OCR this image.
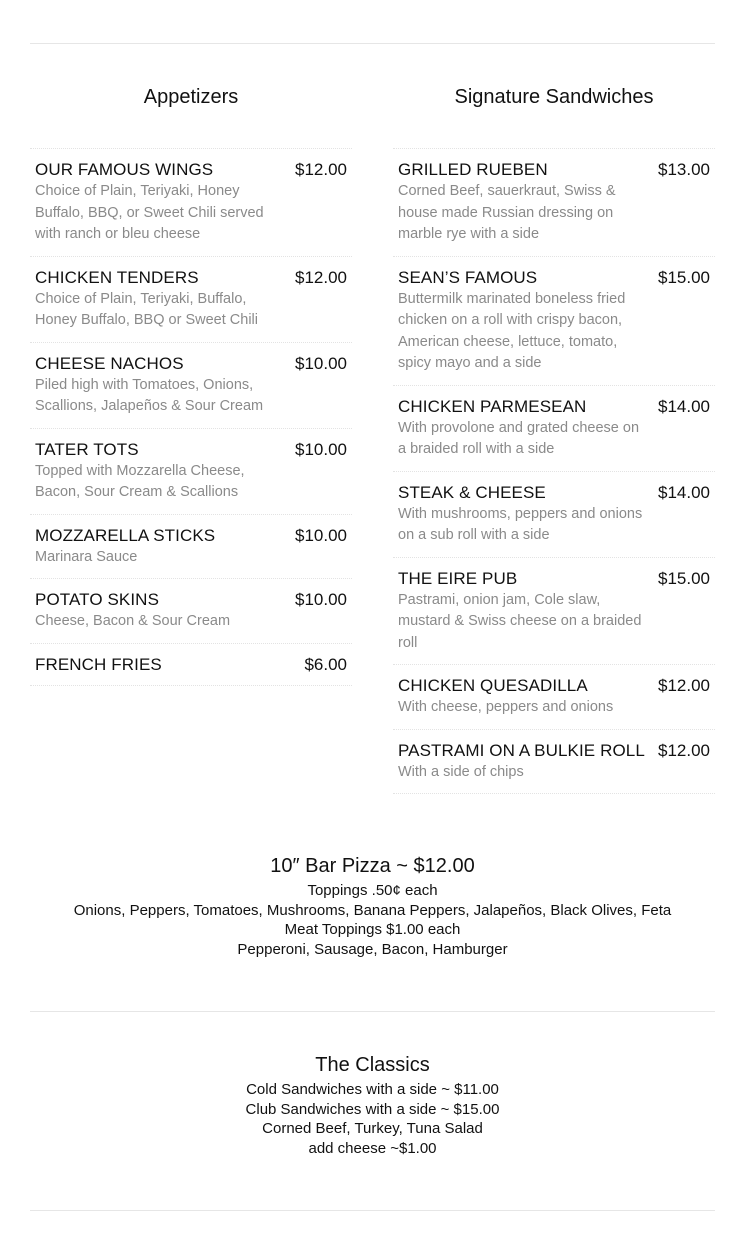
Appetizers
OUR FAMOUS WINGS	$12.00
Choice of Plain, Teriyaki, Honey Buffalo, BBQ, or Sweet Chili served with ranch or bleu cheese
CHICKEN TENDERS	$12.00
Choice of Plain, Teriyaki, Buffalo, Honey Buffalo, BBQ or Sweet Chili
CHEESE NACHOS	$10.00
Piled high with Tomatoes, Onions, Scallions, Jalapeños & Sour Cream
TATER TOTS	$10.00
Topped with Mozzarella Cheese, Bacon, Sour Cream & Scallions
MOZZARELLA STICKS	$10.00
Marinara Sauce
POTATO SKINS	$10.00
Cheese, Bacon & Sour Cream
FRENCH FRIES	$6.00
Signature Sandwiches
GRILLED RUEBEN	$13.00
Corned Beef, sauerkraut, Swiss & house made Russian dressing on marble rye with a side
SEAN’S FAMOUS	$15.00
Buttermilk marinated boneless fried chicken on a roll with crispy bacon, American cheese, lettuce, tomato, spicy mayo and a side
CHICKEN PARMESEAN	$14.00
With provolone and grated cheese on a braided roll with a side
STEAK & CHEESE	$14.00
With mushrooms, peppers and onions on a sub roll with a side
THE EIRE PUB	$15.00
Pastrami, onion jam, Cole slaw, mustard & Swiss cheese on a braided roll
CHICKEN QUESADILLA	$12.00
With cheese, peppers and onions
PASTRAMI ON A BULKIE ROLL $12.00
With a side of chips
10″ Bar Pizza ~ $12.00
Toppings .50¢ each
Onions, Peppers, Tomatoes, Mushrooms, Banana Peppers, Jalapeños, Black Olives, Feta
Meat Toppings $1.00 each
Pepperoni, Sausage, Bacon, Hamburger
The Classics
Cold Sandwiches with a side ~ $11.00
Club Sandwiches with a side ~ $15.00
Corned Beef, Turkey, Tuna Salad
add cheese ~$1.00
